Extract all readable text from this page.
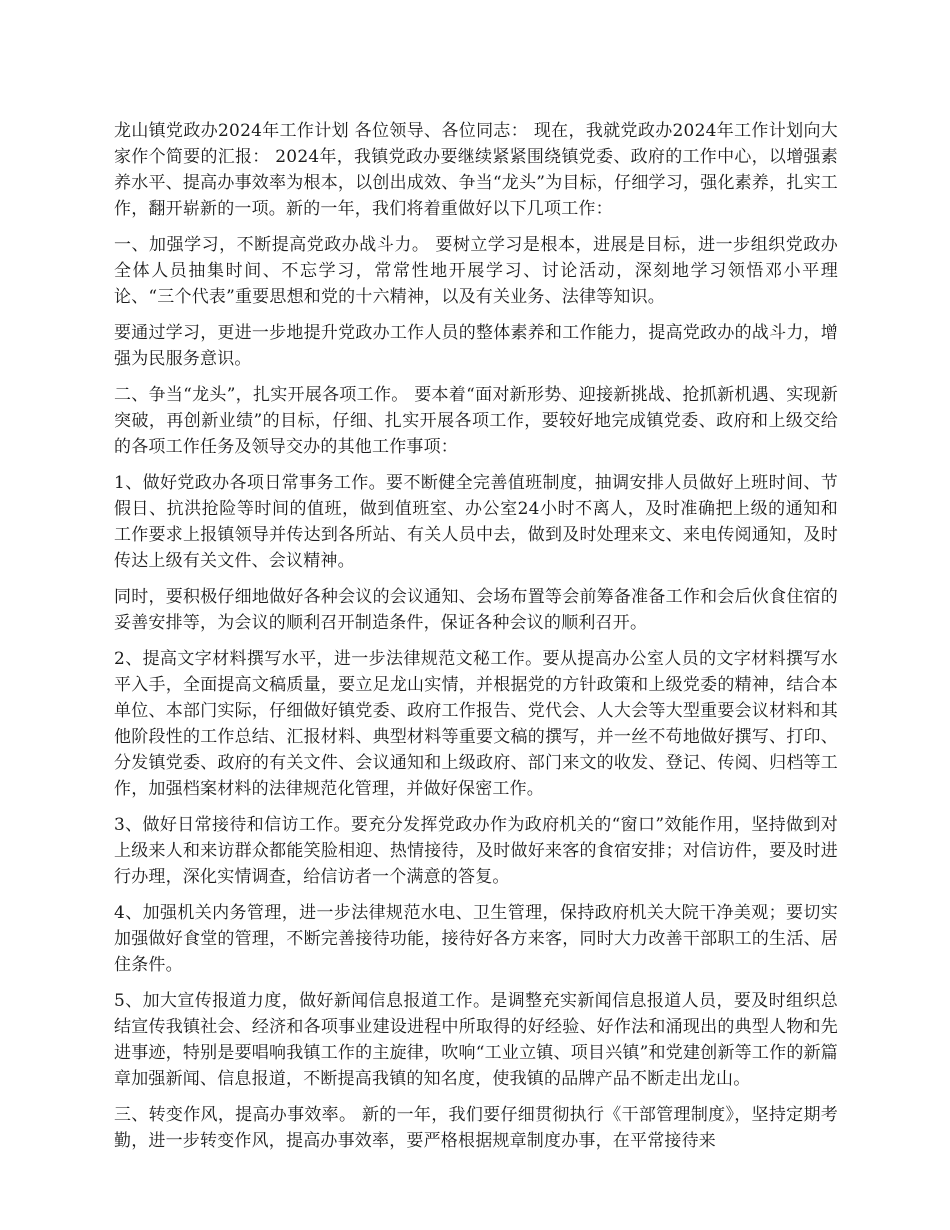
龙山镇党政办2024年工作计划 各位领导、各位同志： 现在，我就党政办2024年工作计划向大家作个简要的汇报： 2024年，我镇党政办要继续紧紧围绕镇党委、政府的工作中心，以增强素养水平、提高办事效率为根本，以创出成效、争当“龙头”为目标，仔细学习，强化素养，扎实工作，翻开崭新的一项。新的一年，我们将着重做好以下几项工作：

一、加强学习，不断提高党政办战斗力。 要树立学习是根本，进展是目标，进一步组织党政办全体人员抽集时间、不忘学习，常常性地开展学习、讨论活动，深刻地学习领悟邓小平理论、“三个代表”重要思想和党的十六精神，以及有关业务、法律等知识。

要通过学习，更进一步地提升党政办工作人员的整体素养和工作能力，提高党政办的战斗力，增强为民服务意识。

二、争当“龙头”，扎实开展各项工作。 要本着“面对新形势、迎接新挑战、抢抓新机遇、实现新突破，再创新业绩”的目标，仔细、扎实开展各项工作，要较好地完成镇党委、政府和上级交给的各项工作任务及领导交办的其他工作事项：

1、做好党政办各项日常事务工作。要不断健全完善值班制度，抽调安排人员做好上班时间、节假日、抗洪抢险等时间的值班，做到值班室、办公室24小时不离人，及时准确把上级的通知和工作要求上报镇领导并传达到各所站、有关人员中去，做到及时处理来文、来电传阅通知，及时传达上级有关文件、会议精神。

同时，要积极仔细地做好各种会议的会议通知、会场布置等会前筹备准备工作和会后伙食住宿的妥善安排等，为会议的顺利召开制造条件，保证各种会议的顺利召开。

2、提高文字材料撰写水平，进一步法律规范文秘工作。要从提高办公室人员的文字材料撰写水平入手，全面提高文稿质量，要立足龙山实情，并根据党的方针政策和上级党委的精神，结合本单位、本部门实际，仔细做好镇党委、政府工作报告、党代会、人大会等大型重要会议材料和其他阶段性的工作总结、汇报材料、典型材料等重要文稿的撰写，并一丝不苟地做好撰写、打印、分发镇党委、政府的有关文件、会议通知和上级政府、部门来文的收发、登记、传阅、归档等工作，加强档案材料的法律规范化管理，并做好保密工作。

3、做好日常接待和信访工作。要充分发挥党政办作为政府机关的“窗口”效能作用，坚持做到对上级来人和来访群众都能笑脸相迎、热情接待，及时做好来客的食宿安排；对信访件，要及时进行办理，深化实情调查，给信访者一个满意的答复。

4、加强机关内务管理，进一步法律规范水电、卫生管理，保持政府机关大院干净美观；要切实加强做好食堂的管理，不断完善接待功能，接待好各方来客，同时大力改善干部职工的生活、居住条件。

5、加大宣传报道力度，做好新闻信息报道工作。是调整充实新闻信息报道人员，要及时组织总结宣传我镇社会、经济和各项事业建设进程中所取得的好经验、好作法和涌现出的典型人物和先进事迹，特别是要唱响我镇工作的主旋律，吹响“工业立镇、项目兴镇”和党建创新等工作的新篇章加强新闻、信息报道，不断提高我镇的知名度，使我镇的品牌产品不断走出龙山。

三、转变作风，提高办事效率。 新的一年，我们要仔细贯彻执行《干部管理制度》，坚持定期考勤，进一步转变作风，提高办事效率，要严格根据规章制度办事，在平常接待来
